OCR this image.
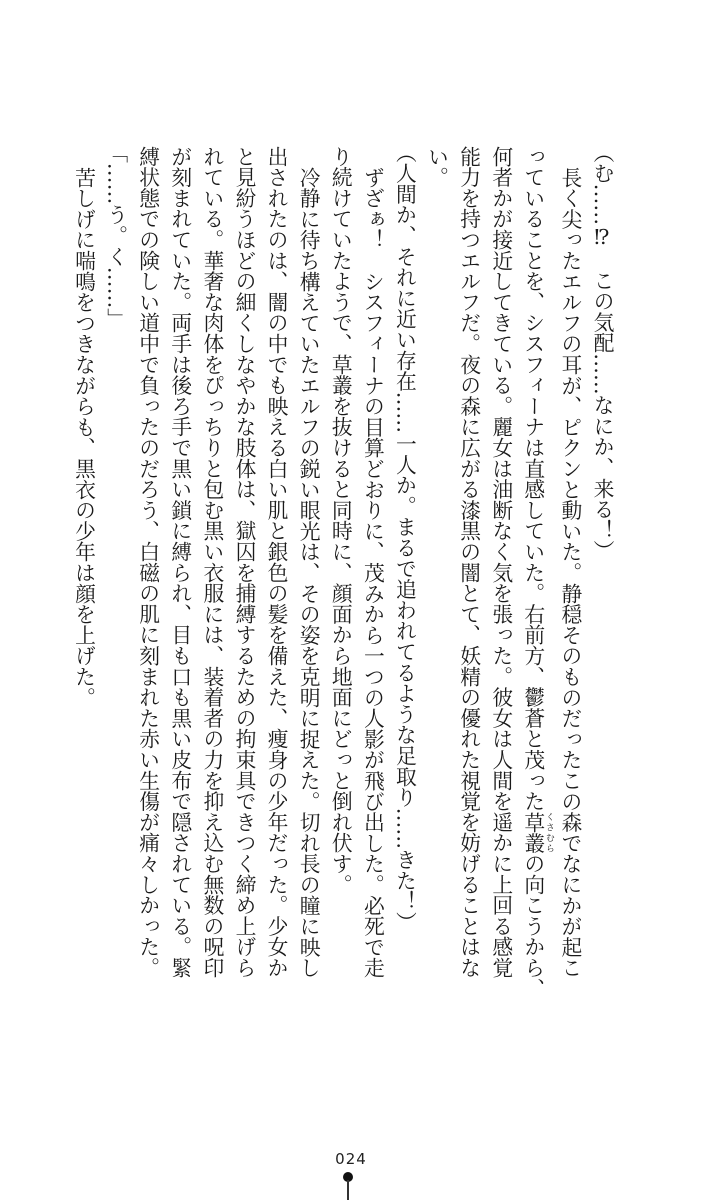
（む……⁉　この気配……なにか、来る！）
長く尖ったエルフの耳が、ピクンと動いた。静穏そのものだったこの森でなにかが起こ
っていることを、シスフィーナは直感していた。右前方、鬱蒼と茂った草叢 くさむらの向こうから、
何者かが接近してきている。麗女は油断なく気を張った。彼女は人間を遥かに上回る感覚
能力を持つエルフだ。夜の森に広がる漆黒の闇とて、妖精の優れた視覚を妨げることはな
い。
（人間か、それに近い存在……一人か。まるで追われてるような足取り……きた！）
ずざぁ！　シスフィーナの目算どおりに、茂みから一つの人影が飛び出した。必死で走
り続けていたようで、草叢を抜けると同時に、顔面から地面にどっと倒れ伏す。
冷静に待ち構えていたエルフの鋭い眼光は、その姿を克明に捉えた。切れ長の瞳に映し
出されたのは、闇の中でも映える白い肌と銀色の髪を備えた、痩身の少年だった。少女か
と見紛うほどの細くしなやかな肢体は、獄囚を捕縛するための拘束具できつく締め上げら
れている。華奢な肉体をぴっちりと包む黒い衣服には、装着者の力を抑え込む無数の呪印
が刻まれていた。両手は後ろ手で黒い鎖に縛られ、目も口も黒い皮布で隠されている。緊
縛状態での険しい道中で負ったのだろう、白磁の肌に刻まれた赤い生傷が痛々しかった。
「……う。く……」
苦しげに喘鳴をつきながらも、黒衣の少年は顔を上げた。
024
